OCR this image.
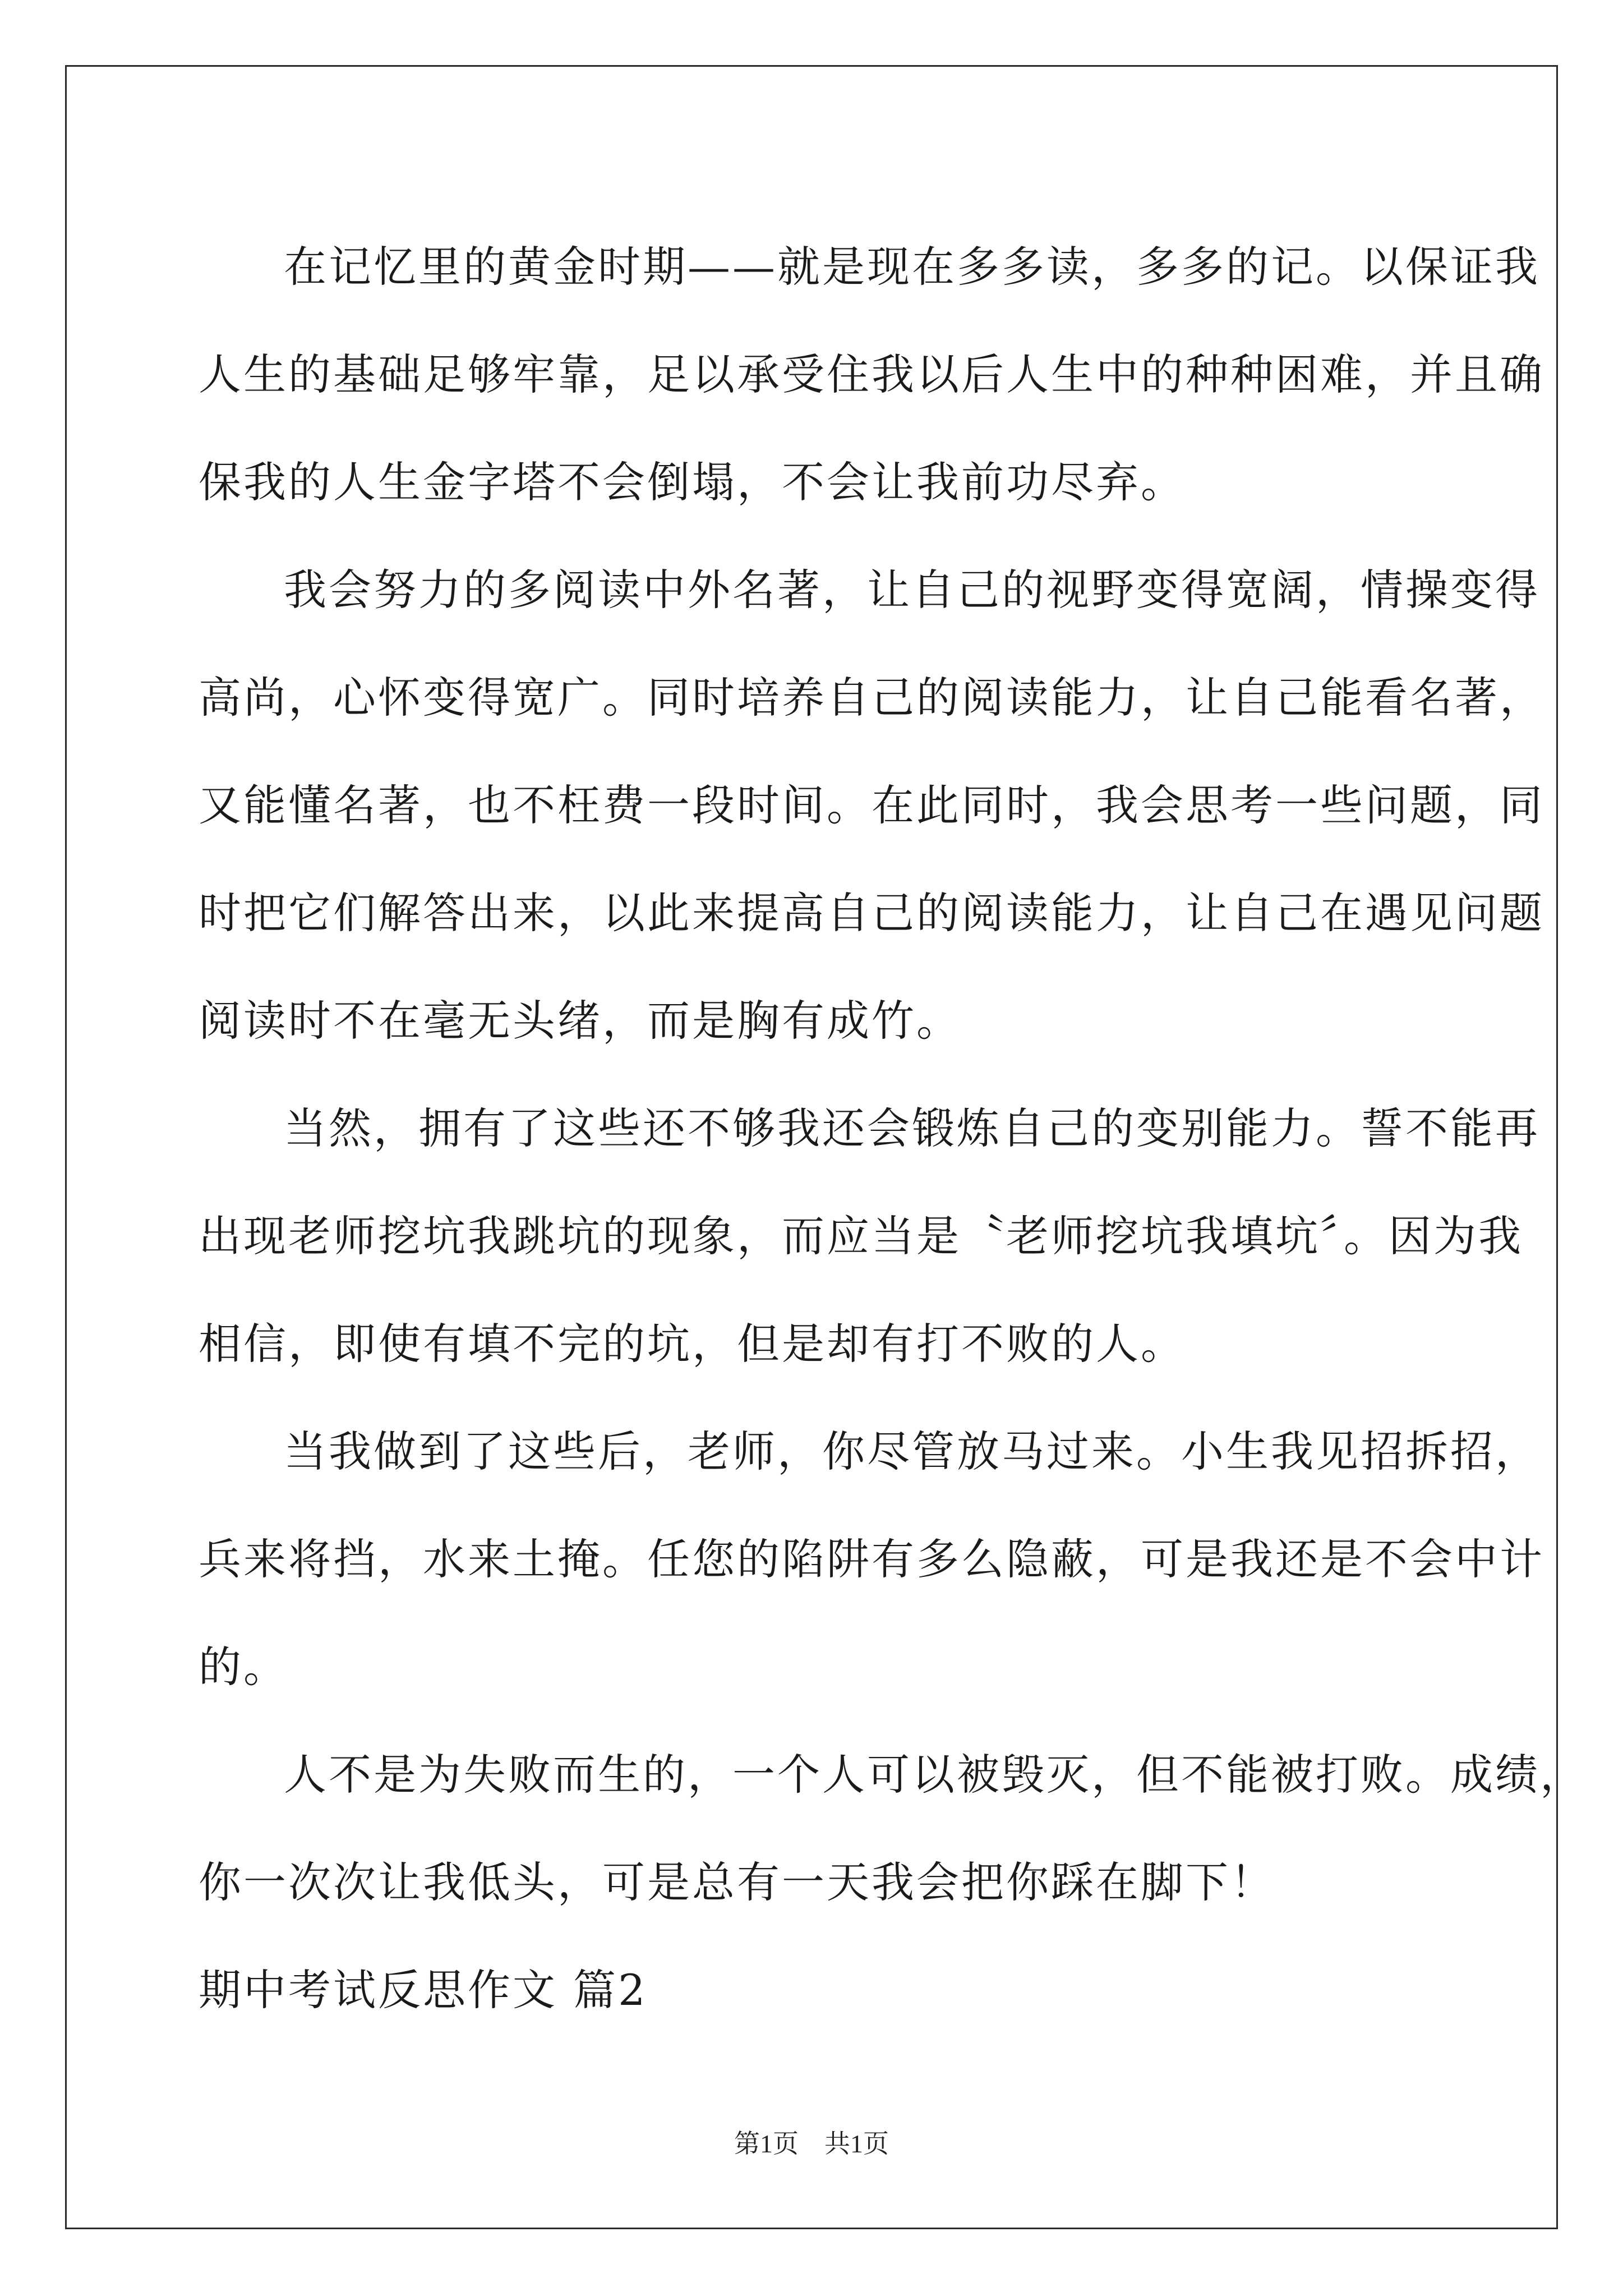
在记忆里的黄金时期——就是现在多多读，多多的记。以保证我
人生的基础足够牢靠，足以承受住我以后人生中的种种困难，并且确
保我的人生金字塔不会倒塌，不会让我前功尽弃。
我会努力的多阅读中外名著，让自己的视野变得宽阔，情操变得
高尚，心怀变得宽广。同时培养自己的阅读能力，让自己能看名著，
又能懂名著，也不枉费一段时间。在此同时，我会思考一些问题，同
时把它们解答出来，以此来提高自己的阅读能力，让自己在遇见问题
阅读时不在毫无头绪，而是胸有成竹。
当然，拥有了这些还不够我还会锻炼自己的变别能力。誓不能再
出现老师挖坑我跳坑的现象，而应当是〝老师挖坑我填坑〞。因为我
相信，即使有填不完的坑，但是却有打不败的人。
当我做到了这些后，老师，你尽管放马过来。小生我见招拆招，
兵来将挡，水来土掩。任您的陷阱有多么隐蔽，可是我还是不会中计
的。
人不是为失败而生的，一个人可以被毁灭，但不能被打败。成绩，
你一次次让我低头，可是总有一天我会把你踩在脚下！
期中考试反思作文 篇2
第1页　共1页
